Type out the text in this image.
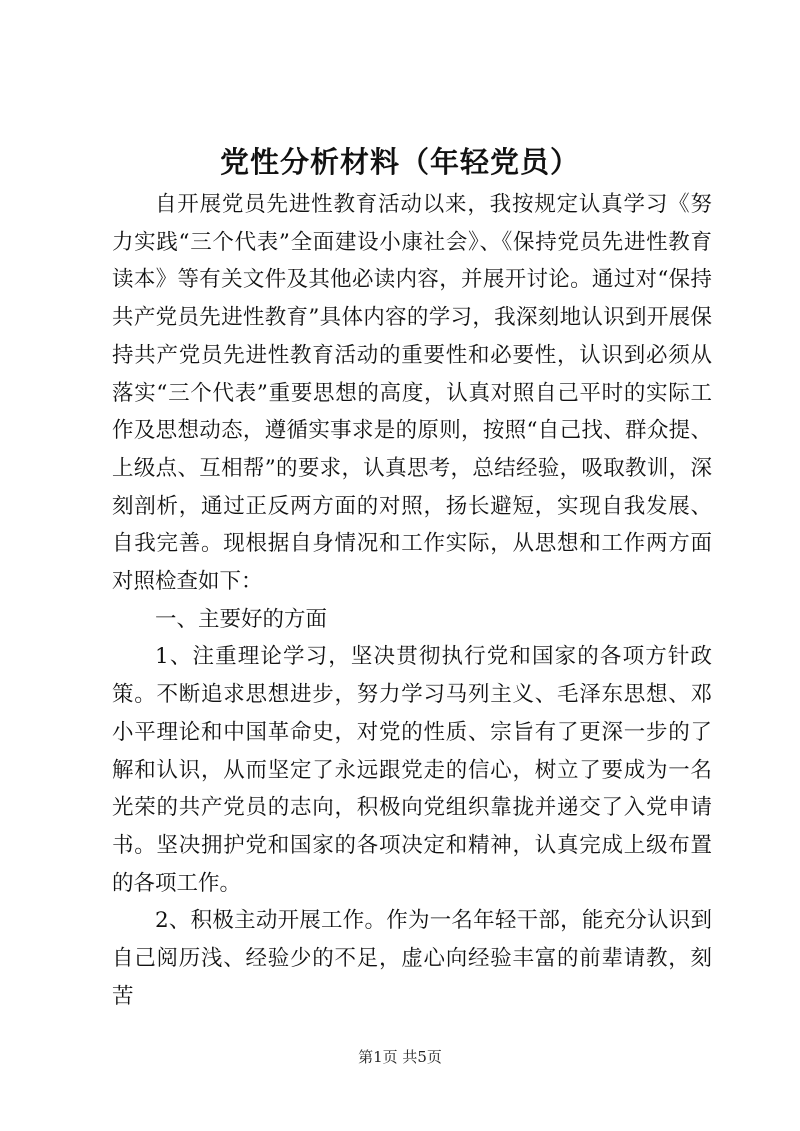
党性分析材料（年轻党员）

自开展党员先进性教育活动以来，我按规定认真学习《努力实践“三个代表”全面建设小康社会》、《保持党员先进性教育读本》等有关文件及其他必读内容，并展开讨论。通过对“保持共产党员先进性教育”具体内容的学习，我深刻地认识到开展保持共产党员先进性教育活动的重要性和必要性，认识到必须从落实“三个代表”重要思想的高度，认真对照自己平时的实际工作及思想动态，遵循实事求是的原则，按照“自己找、群众提、上级点、互相帮”的要求，认真思考，总结经验，吸取教训，深刻剖析，通过正反两方面的对照，扬长避短，实现自我发展、自我完善。现根据自身情况和工作实际，从思想和工作两方面对照检查如下：

一、主要好的方面

1、注重理论学习，坚决贯彻执行党和国家的各项方针政策。不断追求思想进步，努力学习马列主义、毛泽东思想、邓小平理论和中国革命史，对党的性质、宗旨有了更深一步的了解和认识，从而坚定了永远跟党走的信心，树立了要成为一名光荣的共产党员的志向，积极向党组织靠拢并递交了入党申请书。坚决拥护党和国家的各项决定和精神，认真完成上级布置的各项工作。

2、积极主动开展工作。作为一名年轻干部，能充分认识到自己阅历浅、经验少的不足，虚心向经验丰富的前辈请教，刻苦

第1页 共5页
